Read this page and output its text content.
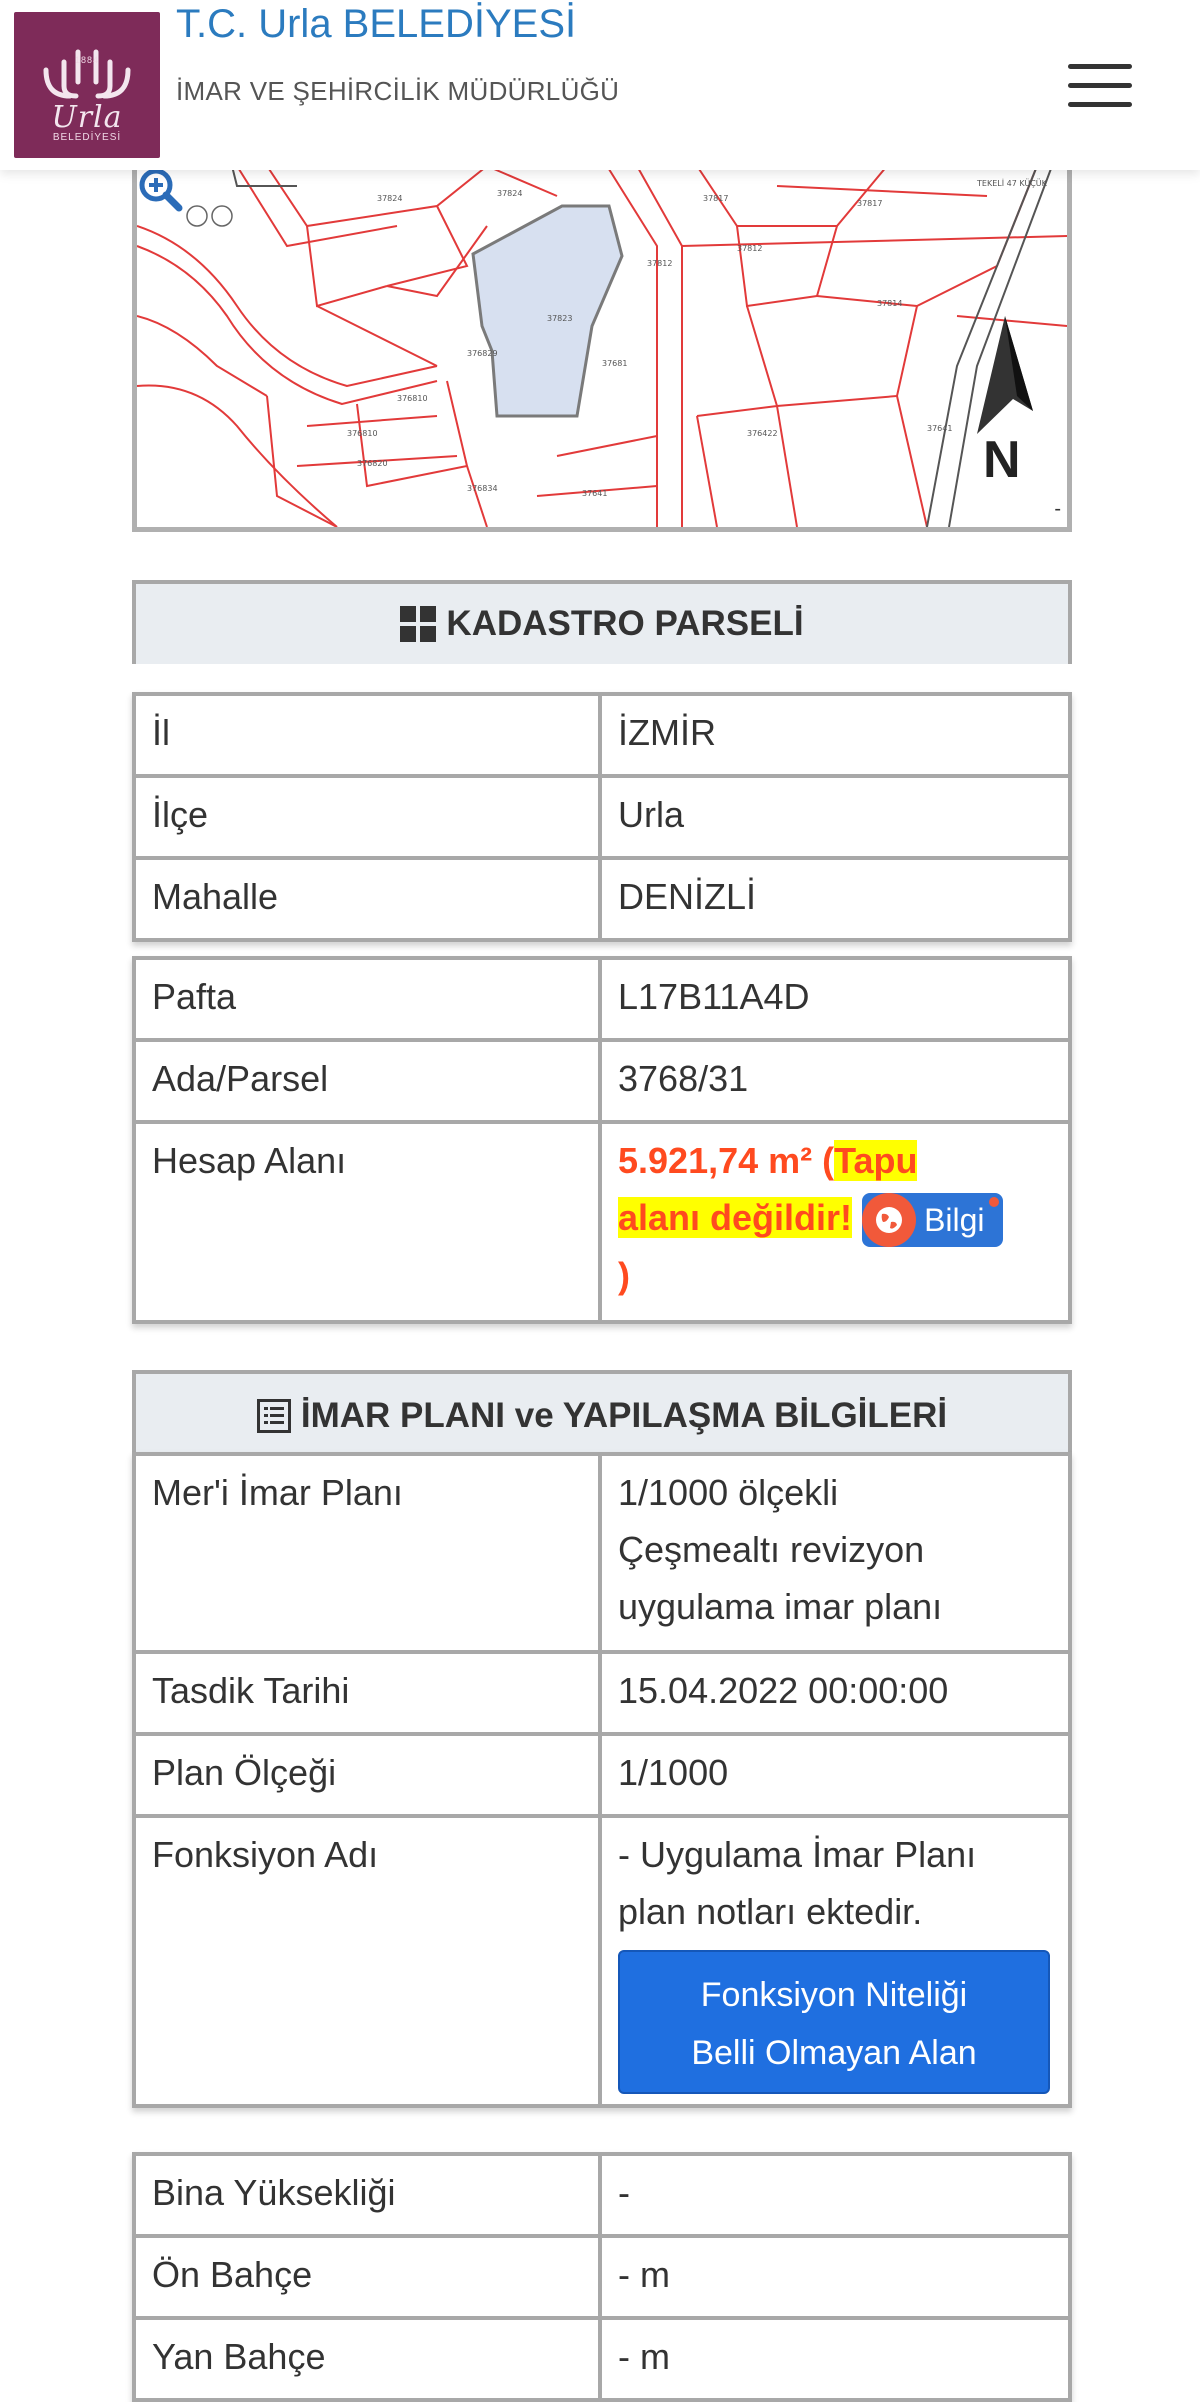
1884
Urla
BELEDİYESİ
T.C. Urla BELEDİYESİ
İMAR VE ŞEHİRCİLİK MÜDÜRLÜĞÜ
37824
37824
37817
37812
37817
37812
37814
37823
376829
376810
376810
376820
376834
37641
376422
37641
37681
TEKELİ 47 KÜÇÜK
N
-
KADASTRO PARSELİ
İl	İZMİR
İlçe	Urla
Mahalle	DENİZLİ
Pafta	L17B11A4D
Ada/Parsel	3768/31
Hesap Alanı	5.921,74 m² (Tapu
alanı değildir! Bilgi

)
İMAR PLANI ve YAPILAŞMA BİLGİLERİ
Mer'i İmar Planı	1/1000 ölçekli
Çeşmealtı revizyon
uygulama imar planı
Tasdik Tarihi	15.04.2022 00:00:00
Plan Ölçeği	1/1000
Fonksiyon Adı	- Uygulama İmar Planı
plan notları ektedir.
Fonksiyon Niteliği
Belli Olmayan Alan
Bina Yüksekliği	-
Ön Bahçe	- m
Yan Bahçe	- m
